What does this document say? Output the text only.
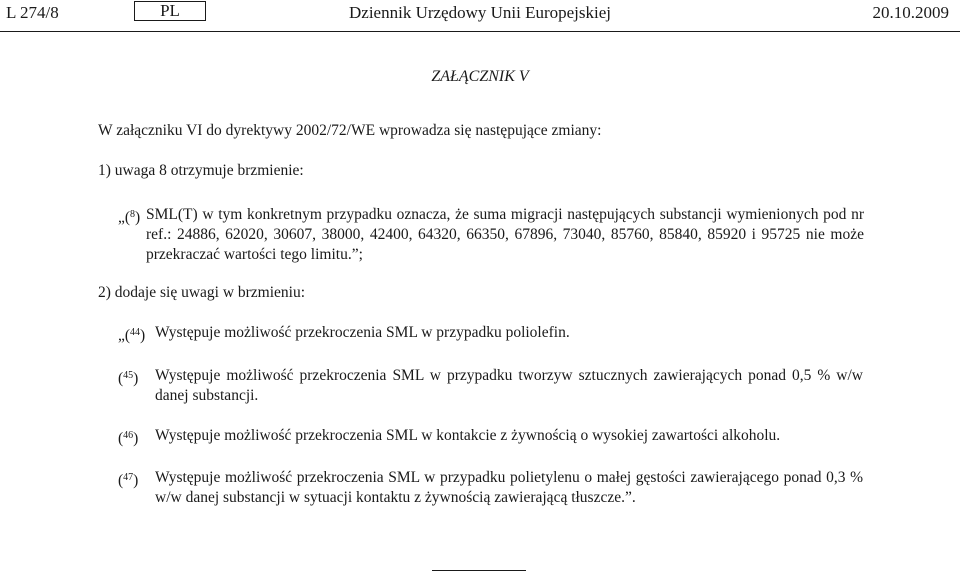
L 274/8	PL	Dziennik Urzędowy Unii Europejskiej	20.10.2009
ZAŁĄCZNIK V
W załączniku VI do dyrektywy 2002/72/WE wprowadza się następujące zmiany:
1) uwaga 8 otrzymuje brzmienie:
„($^8$) SML(T) w tym konkretnym przypadku oznacza, że suma migracji następujących substancji wymienionych pod nr ref.: 24886, 62020, 30607, 38000, 42400, 64320, 66350, 67896, 73040, 85760, 85840, 85920 i 95725 nie może przekraczać wartości tego limitu.”;
2) dodaje się uwagi w brzmieniu:
„($^{44}$) Występuje możliwość przekroczenia SML w przypadku poliolefin.
($^{45}$) Występuje możliwość przekroczenia SML w przypadku tworzyw sztucznych zawierających ponad 0,5 % w/w danej substancji.
($^{46}$) Występuje możliwość przekroczenia SML w kontakcie z żywnością o wysokiej zawartości alkoholu.
($^{47}$) Występuje możliwość przekroczenia SML w przypadku polietylenu o małej gęstości zawierającego ponad 0,3 % w/w danej substancji w sytuacji kontaktu z żywnością zawierającą tłuszcze.”.
